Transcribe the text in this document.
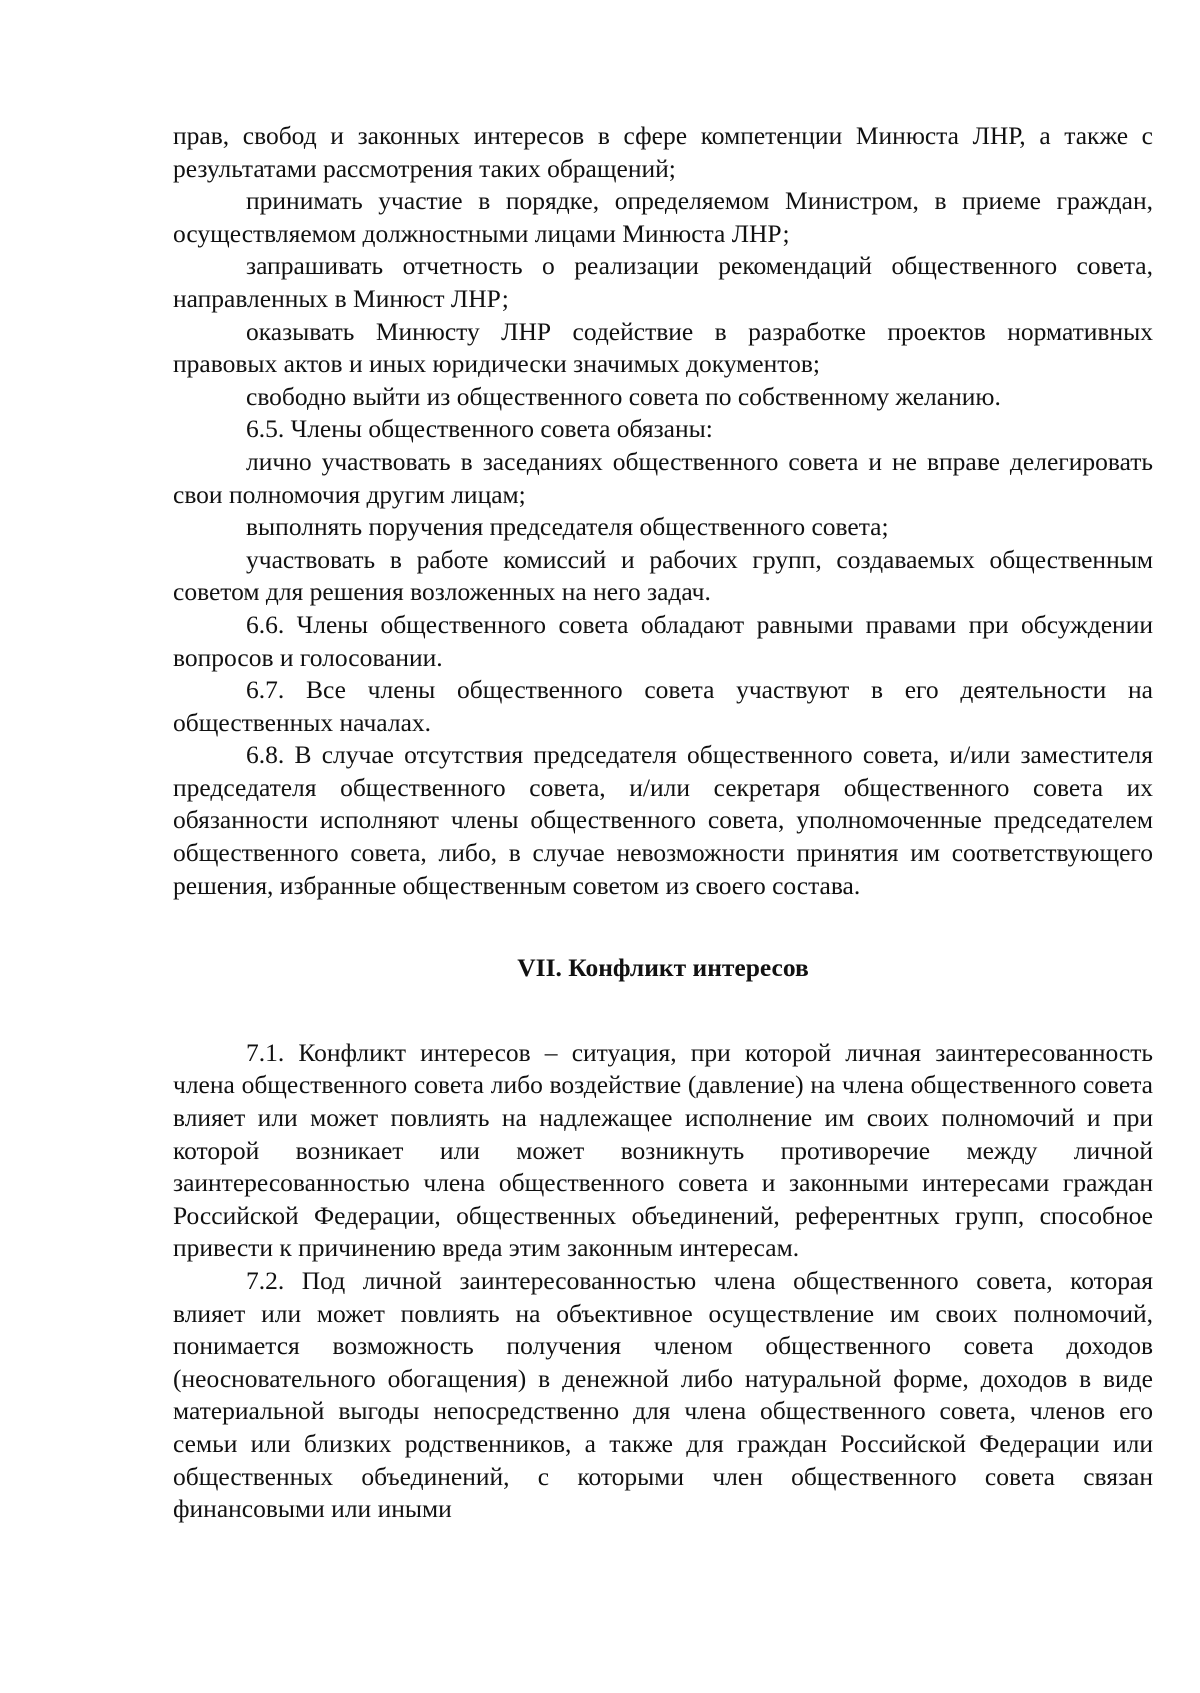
прав, свобод и законных интересов в сфере компетенции Минюста ЛНР, а также с результатами рассмотрения таких обращений;

принимать участие в порядке, определяемом Министром, в приеме граждан, осуществляемом должностными лицами Минюста ЛНР;

запрашивать отчетность о реализации рекомендаций общественного совета, направленных в Минюст ЛНР;

оказывать Минюсту ЛНР содействие в разработке проектов нормативных правовых актов и иных юридически значимых документов;

свободно выйти из общественного совета по собственному желанию.

6.5. Члены общественного совета обязаны:

лично участвовать в заседаниях общественного совета и не вправе делегировать свои полномочия другим лицам;

выполнять поручения председателя общественного совета;

участвовать в работе комиссий и рабочих групп, создаваемых общественным советом для решения возложенных на него задач.

6.6. Члены общественного совета обладают равными правами при обсуждении вопросов и голосовании.

6.7. Все члены общественного совета участвуют в его деятельности на общественных началах.

6.8. В случае отсутствия председателя общественного совета, и/или заместителя председателя общественного совета, и/или секретаря общественного совета их обязанности исполняют члены общественного совета, уполномоченные председателем общественного совета, либо, в случае невозможности принятия им соответствующего решения, избранные общественным советом из своего состава.

VII. Конфликт интересов

7.1. Конфликт интересов – ситуация, при которой личная заинтересованность члена общественного совета либо воздействие (давление) на члена общественного совета влияет или может повлиять на надлежащее исполнение им своих полномочий и при которой возникает или может возникнуть противоречие между личной заинтересованностью члена общественного совета и законными интересами граждан Российской Федерации, общественных объединений, референтных групп, способное привести к причинению вреда этим законным интересам.

7.2. Под личной заинтересованностью члена общественного совета, которая влияет или может повлиять на объективное осуществление им своих полномочий, понимается возможность получения членом общественного совета доходов (неосновательного обогащения) в денежной либо натуральной форме, доходов в виде материальной выгоды непосредственно для члена общественного совета, членов его семьи или близких родственников, а также для граждан Российской Федерации или общественных объединений, с которыми член общественного совета связан финансовыми или иными
